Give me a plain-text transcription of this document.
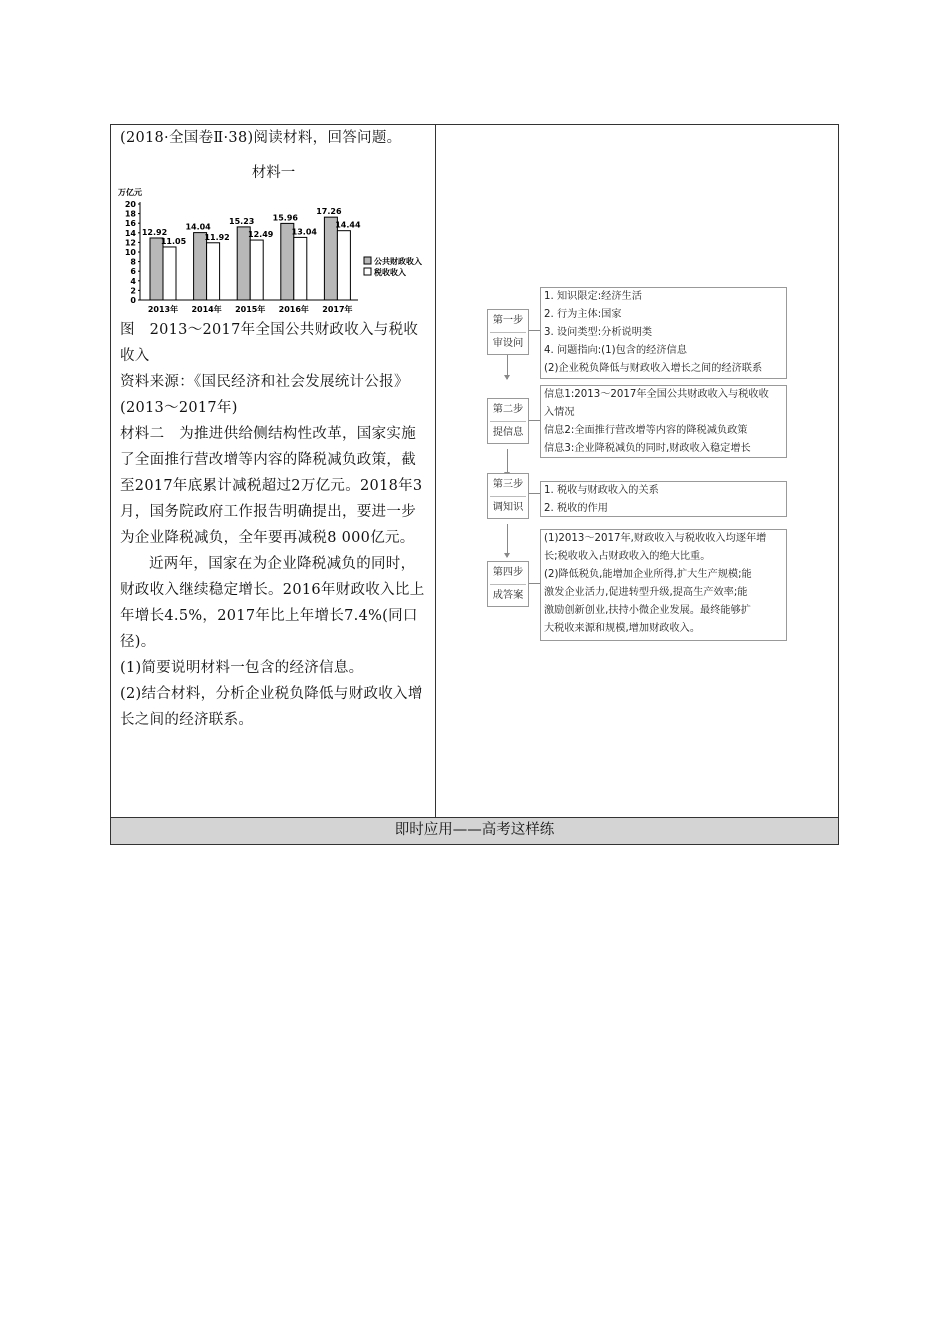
(2018·全国卷Ⅱ·38)阅读材料，回答问题。

材料一

万亿元
0
2
4
6
8
10
12
14
16
18
20
12.92
11.05
2013年
14.04
11.92
2014年
15.23
12.49
2015年
15.96
13.04
2016年
17.26
14.44
2017年
公共财政收入
税收收入

图　2013～2017年全国公共财政收入与税收收入

资料来源：《国民经济和社会发展统计公报》(2013～2017年)

材料二　为推进供给侧结构性改革，国家实施了全面推行营改增等内容的降税减负政策，截至2017年底累计减税超过2万亿元。2018年3月，国务院政府工作报告明确提出，要进一步为企业降税减负，全年要再减税8 000亿元。

近两年，国家在为企业降税减负的同时，财政收入继续稳定增长。2016年财政收入比上年增长4.5%，2017年比上年增长7.4%(同口径)。

(1)简要说明材料一包含的经济信息。

(2)结合材料，分析企业税负降低与财政收入增长之间的经济联系。

第一步
审设问
1. 知识限定:经济生活
2. 行为主体:国家
3. 设问类型:分析说明类
4. 问题指向:(1)包含的经济信息
(2)企业税负降低与财政收入增长之间的经济联系
第二步
提信息
信息1:2013～2017年全国公共财政收入与税收收
入情况
信息2:全面推行营改增等内容的降税减负政策
信息3:企业降税减负的同时,财政收入稳定增长
第三步
调知识
1. 税收与财政收入的关系
2. 税收的作用
第四步
成答案
(1)2013～2017年,财政收入与税收收入均逐年增
长;税收收入占财政收入的绝大比重。
(2)降低税负,能增加企业所得,扩大生产规模;能
激发企业活力,促进转型升级,提高生产效率;能
激励创新创业,扶持小微企业发展。最终能够扩
大税收来源和规模,增加财政收入。
即时应用——高考这样练
